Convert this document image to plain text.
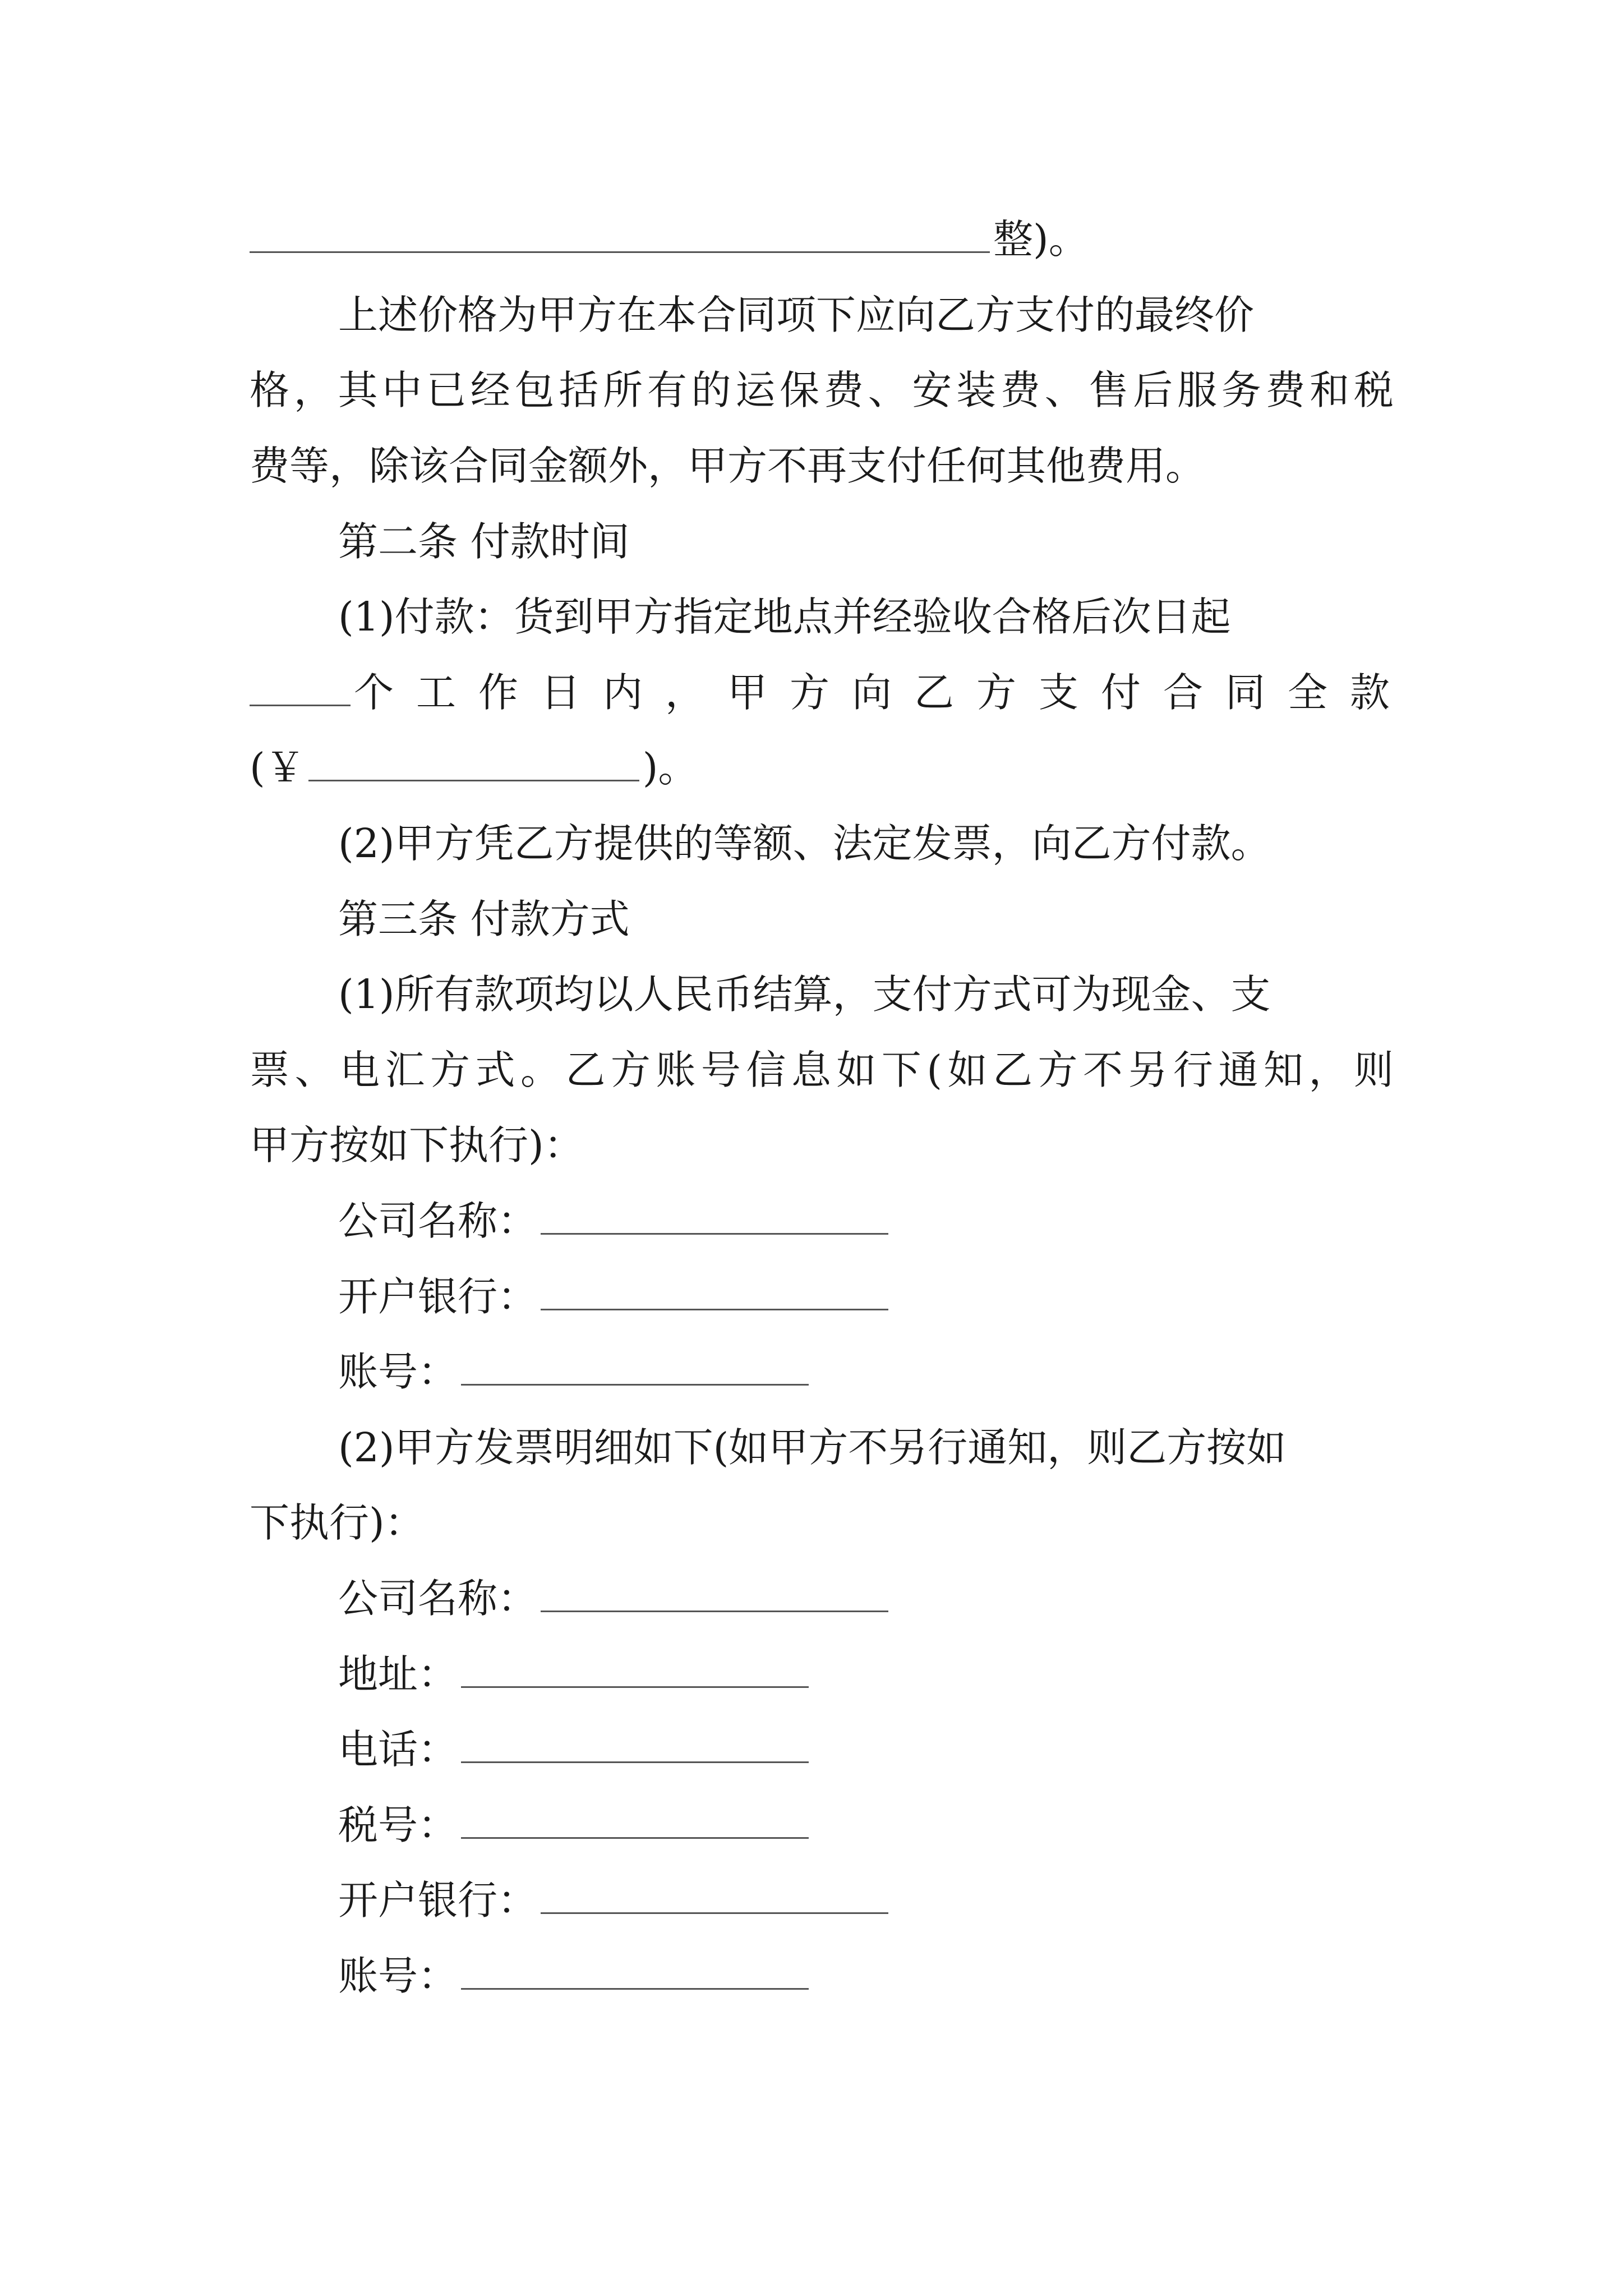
整)。
上述价格为甲方在本合同项下应向乙方支付的最终价
格，其中已经包括所有的运保费、安装费、售后服务费和税
费等，除该合同金额外，甲方不再支付任何其他费用。
第二条 付款时间
(1)付款：货到甲方指定地点并经验收合格后次日起
个工作日内，甲方向乙方支付合同全款
(￥	)。
(2)甲方凭乙方提供的等额、法定发票，向乙方付款。
第三条 付款方式
(1)所有款项均以人民币结算，支付方式可为现金、支
票、电汇方式。乙方账号信息如下(如乙方不另行通知，则
甲方按如下执行)：
公司名称：
开户银行：
账号：
(2)甲方发票明细如下(如甲方不另行通知，则乙方按如
下执行)：
公司名称：
地址：
电话：
税号：
开户银行：
账号：
